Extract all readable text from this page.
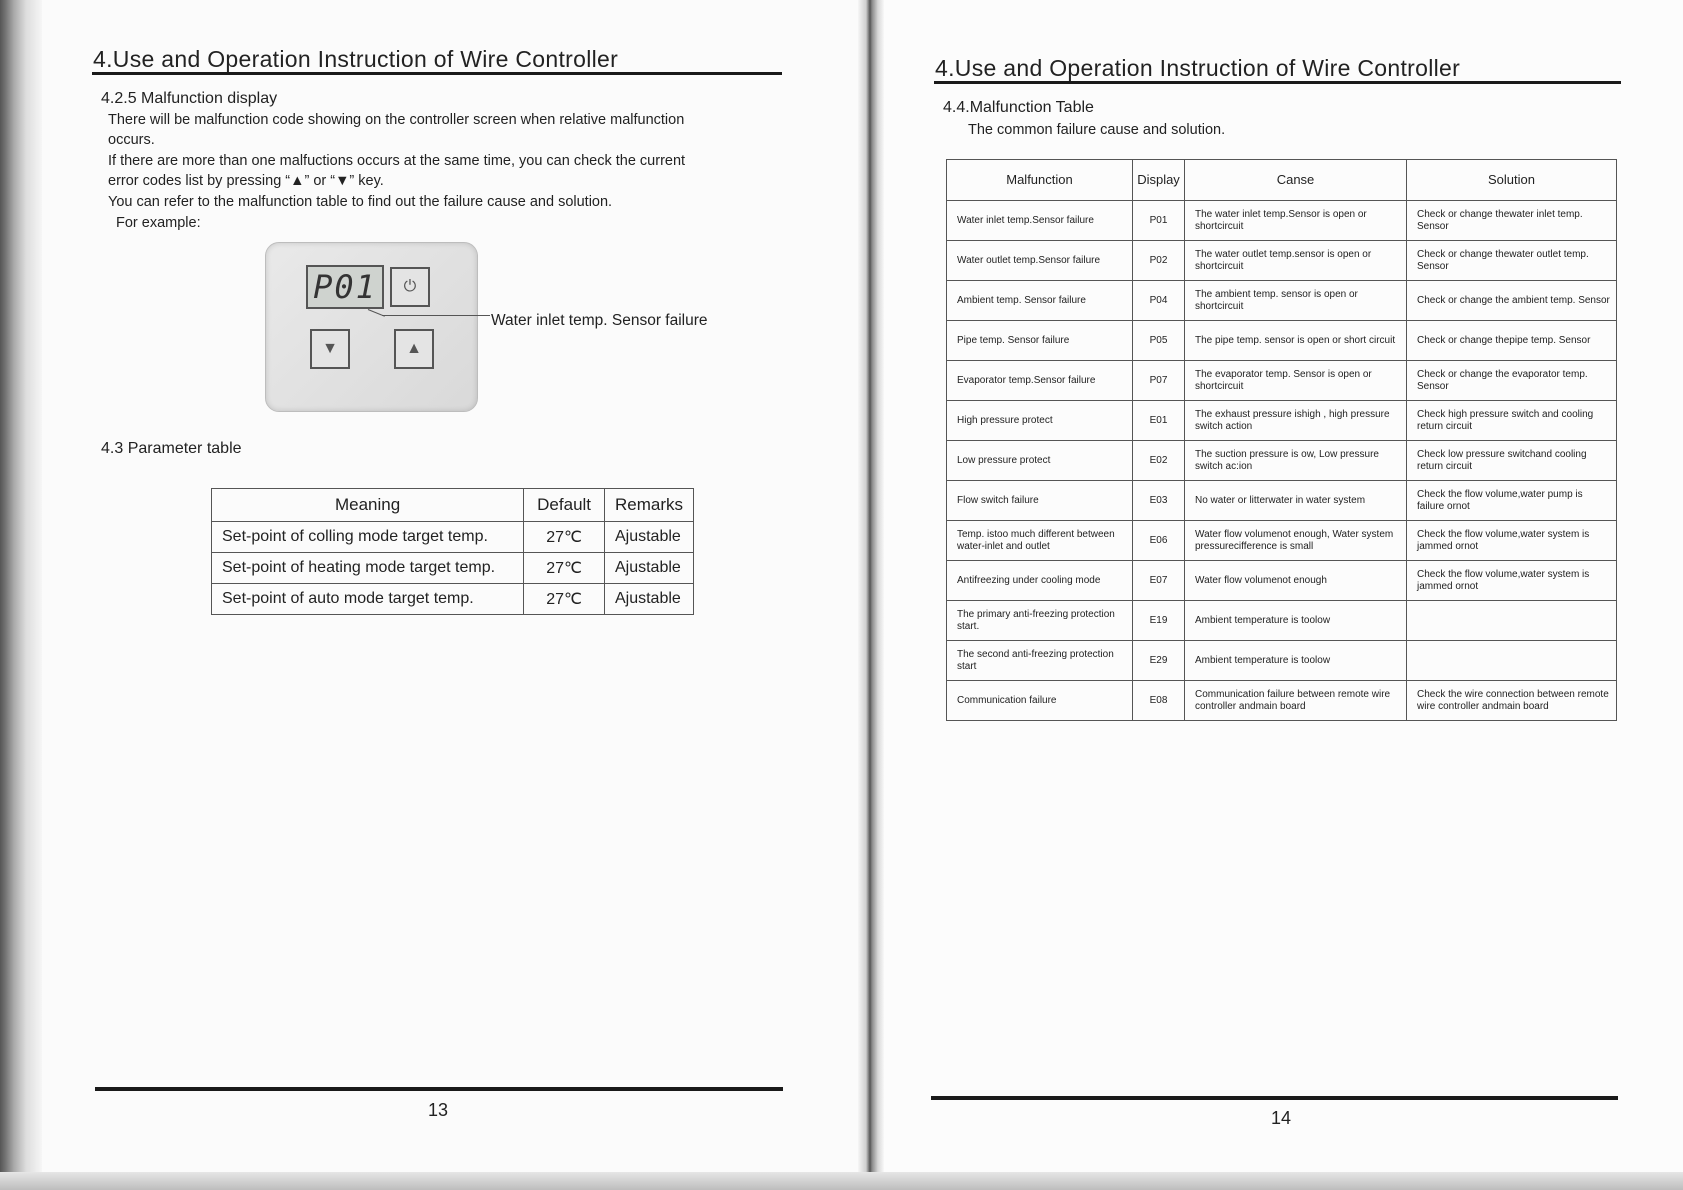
4.Use and Operation Instruction of Wire Controller

4.2.5 Malfunction display

There will be malfunction code showing on the controller screen when relative malfunction

occurs.

If there are more than one malfuctions occurs at the same time, you can check the current

error codes list by pressing “▲” or “▼” key.

You can refer to the malfunction table to find out the failure cause and solution.

For example:

P01	⏻
▼	▲

Water inlet temp. Sensor failure

4.3 Parameter table

Meaning	Default	Remarks
Set-point of colling mode target temp.	27℃	Ajustable
Set-point of heating mode target temp.	27℃	Ajustable
Set-point of auto mode target temp.	27℃	Ajustable
13
4.Use and Operation Instruction of Wire Controller

4.4.Malfunction Table

The common failure cause and solution.

Malfunction	Display	Canse	Solution
Water inlet temp.Sensor failure	P01	The water inlet temp.Sensor is open or shortcircuit	Check or change thewater inlet temp. Sensor
Water outlet temp.Sensor failure	P02	The water outlet temp.sensor is open or shortcircuit	Check or change thewater outlet temp. Sensor
Ambient temp. Sensor failure	P04	The ambient temp. sensor is open or shortcircuit	Check or change the ambient temp. Sensor
Pipe temp. Sensor failure	P05	The pipe temp. sensor is open or short circuit	Check or change thepipe temp. Sensor
Evaporator temp.Sensor failure	P07	The evaporator temp. Sensor is open or shortcircuit	Check or change the evaporator temp. Sensor
High pressure protect	E01	The exhaust pressure ishigh , high pressure switch action	Check high pressure switch and cooling return circuit
Low pressure protect	E02	The suction pressure is ow, Low pressure switch ac:ion	Check low pressure switchand cooling return circuit
Flow switch failure	E03	No water or litterwater in water system	Check the flow volume,water pump is failure ornot
Temp. istoo much different between water-inlet and outlet	E06	Water flow volumenot enough, Water system pressurecifference is small	Check the flow volume,water system is jammed ornot
Antifreezing under cooling mode	E07	Water flow volumenot enough	Check the flow volume,water system is jammed ornot
The primary anti-freezing protection start.	E19	Ambient temperature is toolow	
The second anti-freezing protection start	E29	Ambient temperature is toolow	
Communication failure	E08	Communication failure between remote wire controller andmain board	Check the wire connection between remote wire controller andmain board
14
